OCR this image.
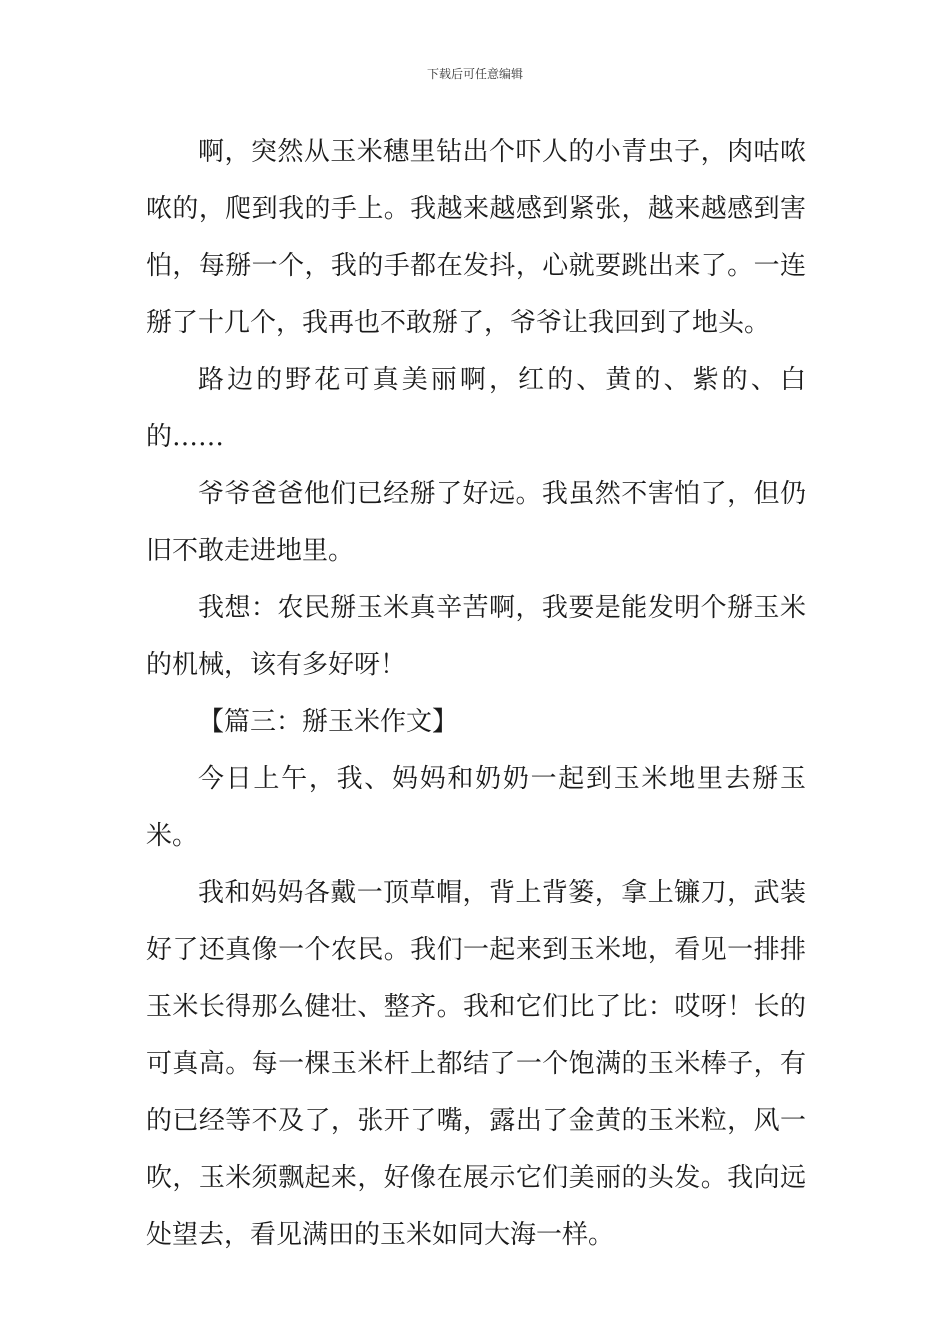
下载后可任意编辑

啊，突然从玉米穗里钻出个吓人的小青虫子，肉咕哝哝的，爬到我的手上。我越来越感到紧张，越来越感到害怕，每掰一个，我的手都在发抖，心就要跳出来了。一连掰了十几个，我再也不敢掰了，爷爷让我回到了地头。

路边的野花可真美丽啊，红的、黄的、紫的、白的……

爷爷爸爸他们已经掰了好远。我虽然不害怕了，但仍旧不敢走进地里。

我想：农民掰玉米真辛苦啊，我要是能发明个掰玉米的机械，该有多好呀！

【篇三：掰玉米作文】

今日上午，我、妈妈和奶奶一起到玉米地里去掰玉米。

我和妈妈各戴一顶草帽，背上背篓，拿上镰刀，武装好了还真像一个农民。我们一起来到玉米地，看见一排排玉米长得那么健壮、整齐。我和它们比了比：哎呀！长的可真高。每一棵玉米杆上都结了一个饱满的玉米棒子，有的已经等不及了，张开了嘴，露出了金黄的玉米粒，风一吹，玉米须飘起来，好像在展示它们美丽的头发。我向远处望去，看见满田的玉米如同大海一样。
